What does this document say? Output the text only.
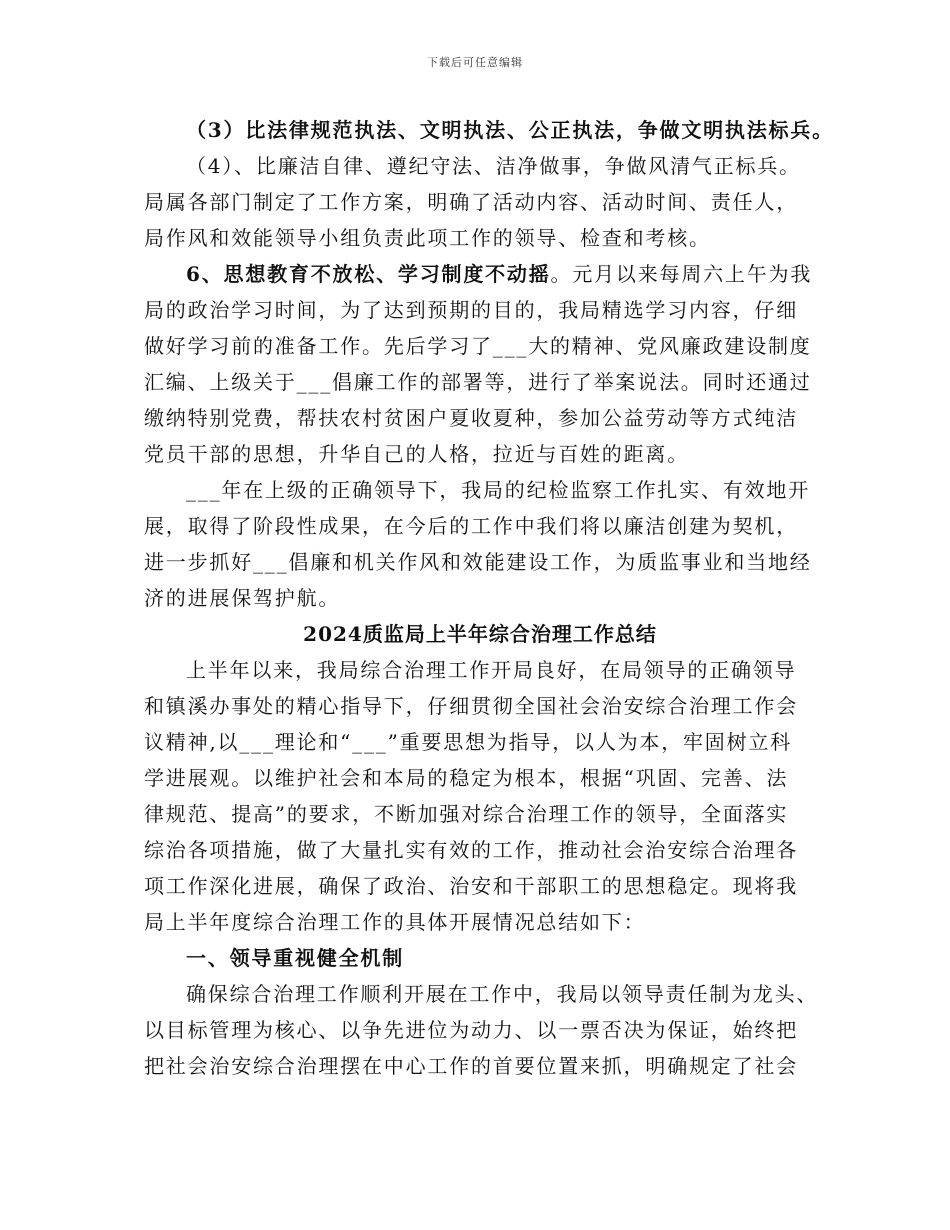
下载后可任意编辑
（3）比法律规范执法、文明执法、公正执法，争做文明执法标兵。
（4）、比廉洁自律、遵纪守法、洁净做事，争做风清气正标兵。
局属各部门制定了工作方案，明确了活动内容、活动时间、责任人，
局作风和效能领导小组负责此项工作的领导、检查和考核。
6、思想教育不放松、学习制度不动摇。元月以来每周六上午为我
局的政治学习时间，为了达到预期的目的，我局精选学习内容，仔细
做好学习前的准备工作。先后学习了___大的精神、党风廉政建设制度
汇编、上级关于___倡廉工作的部署等，进行了举案说法。同时还通过
缴纳特别党费，帮扶农村贫困户夏收夏种，参加公益劳动等方式纯洁
党员干部的思想，升华自己的人格，拉近与百姓的距离。
___年在上级的正确领导下，我局的纪检监察工作扎实、有效地开
展，取得了阶段性成果，在今后的工作中我们将以廉洁创建为契机，
进一步抓好___倡廉和机关作风和效能建设工作，为质监事业和当地经
济的进展保驾护航。
2024质监局上半年综合治理工作总结
上半年以来，我局综合治理工作开局良好，在局领导的正确领导
和镇溪办事处的精心指导下，仔细贯彻全国社会治安综合治理工作会
议精神,以___理论和“___”重要思想为指导，以人为本，牢固树立科
学进展观。以维护社会和本局的稳定为根本，根据“巩固、完善、法
律规范、提高”的要求，不断加强对综合治理工作的领导，全面落实
综治各项措施，做了大量扎实有效的工作，推动社会治安综合治理各
项工作深化进展，确保了政治、治安和干部职工的思想稳定。现将我
局上半年度综合治理工作的具体开展情况总结如下：
一、领导重视健全机制
确保综合治理工作顺利开展在工作中，我局以领导责任制为龙头、
以目标管理为核心、以争先进位为动力、以一票否决为保证，始终把
把社会治安综合治理摆在中心工作的首要位置来抓，明确规定了社会
